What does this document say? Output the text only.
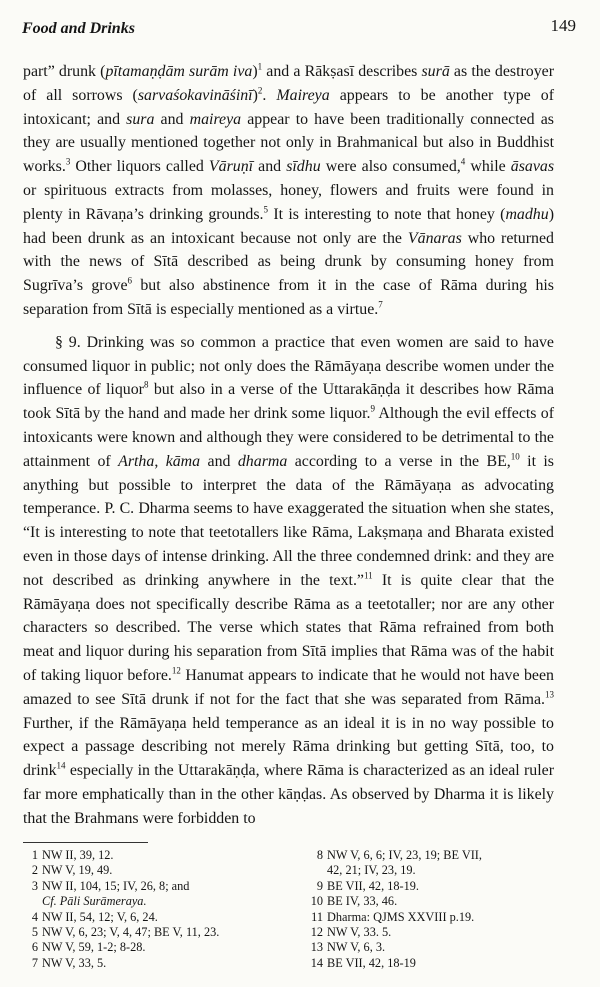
Food and Drinks	149

part” drunk (pītamaṇḍām surām iva)$^1$ and a Rākṣasī describes surā as the destroyer of all sorrows (sarvaśokavināśinī)$^2$. Maireya appears to be another type of intoxicant; and sura and maireya appear to have been traditionally connected as they are usually mentioned together not only in Brahmanical but also in Buddhist works.$^3$ Other liquors called Vāruṇī and sīdhu were also consumed,$^4$ while āsavas or spirituous extracts from molasses, honey, flowers and fruits were found in plenty in Rāvaṇa’s drinking grounds.$^5$ It is interesting to note that honey (madhu) had been drunk as an intoxicant because not only are the Vānaras who returned with the news of Sītā described as being drunk by consuming honey from Sugrīva’s grove$^6$ but also abstinence from it in the case of Rāma during his separation from Sītā is especially mentioned as a virtue.$^7$

§ 9. Drinking was so common a practice that even women are said to have consumed liquor in public; not only does the Rāmāyaṇa describe women under the influence of liquor$^8$ but also in a verse of the Uttarakāṇḍa it describes how Rāma took Sītā by the hand and made her drink some liquor.$^9$ Although the evil effects of intoxicants were known and although they were considered to be detrimental to the attainment of Artha, kāma and dharma according to a verse in the BE,$^{10}$ it is anything but possible to interpret the data of the Rāmāyaṇa as advocating temperance. P. C. Dharma seems to have exaggerated the situation when she states, “It is interesting to note that teetotallers like Rāma, Lakṣmaṇa and Bharata existed even in those days of intense drinking. All the three condemned drink: and they are not described as drinking anywhere in the text.”$^{11}$ It is quite clear that the Rāmāyaṇa does not specifically describe Rāma as a teetotaller; nor are any other characters so described. The verse which states that Rāma refrained from both meat and liquor during his separation from Sītā implies that Rāma was of the habit of taking liquor before.$^{12}$ Hanumat appears to indicate that he would not have been amazed to see Sītā drunk if not for the fact that she was separated from Rāma.$^{13}$ Further, if the Rāmāyaṇa held temperance as an ideal it is in no way possible to expect a passage describing not merely Rāma drinking but getting Sītā, too, to drink$^{14}$ especially in the Uttarakāṇḍa, where Rāma is characterized as an ideal ruler far more emphatically than in the other kāṇḍas. As observed by Dharma it is likely that the Brahmans were forbidden to

1 NW II, 39, 12.
2 NW V, 19, 49.
3 NW II, 104, 15; IV, 26, 8; and
Cf. Pāli Surāmeraya.
4 NW II, 54, 12; V, 6, 24.
5 NW V, 6, 23; V, 4, 47; BE V, 11, 23.
6 NW V, 59, 1-2; 8-28.
7 NW V, 33, 5.
8 NW V, 6, 6; IV, 23, 19; BE VII,
42, 21; IV, 23, 19.
9 BE VII, 42, 18-19.
10 BE IV, 33, 46.
11 Dharma: QJMS XXVIII p.19.
12 NW V, 33. 5.
13 NW V, 6, 3.
14 BE VII, 42, 18-19
